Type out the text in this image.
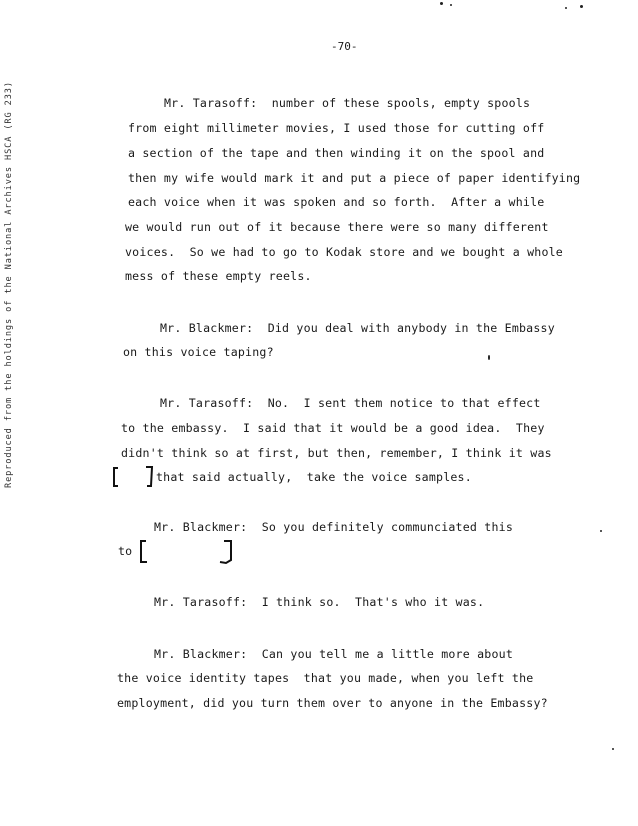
-70-
Reproduced from the holdings of the National Archives HSCA (RG 233)	Mr. Tarasoff:  number of these spools, empty spools
from eight millimeter movies, I used those for cutting off
a section of the tape and then winding it on the spool and
then my wife would mark it and put a piece of paper identifying
each voice when it was spoken and so forth.  After a while
we would run out of it because there were so many different
voices.  So we had to go to Kodak store and we bought a whole
mess of these empty reels.
Mr. Blackmer:  Did you deal with anybody in the Embassy
on this voice taping?
Mr. Tarasoff:  No.  I sent them notice to that effect
to the embassy.  I said that it would be a good idea.  They
didn't think so at first, but then, remember, I think it was
that said actually,  take the voice samples.
Mr. Blackmer:  So you definitely communciated this
to
Mr. Tarasoff:  I think so.  That's who it was.
Mr. Blackmer:  Can you tell me a little more about
the voice identity tapes  that you made, when you left the
employment, did you turn them over to anyone in the Embassy?
